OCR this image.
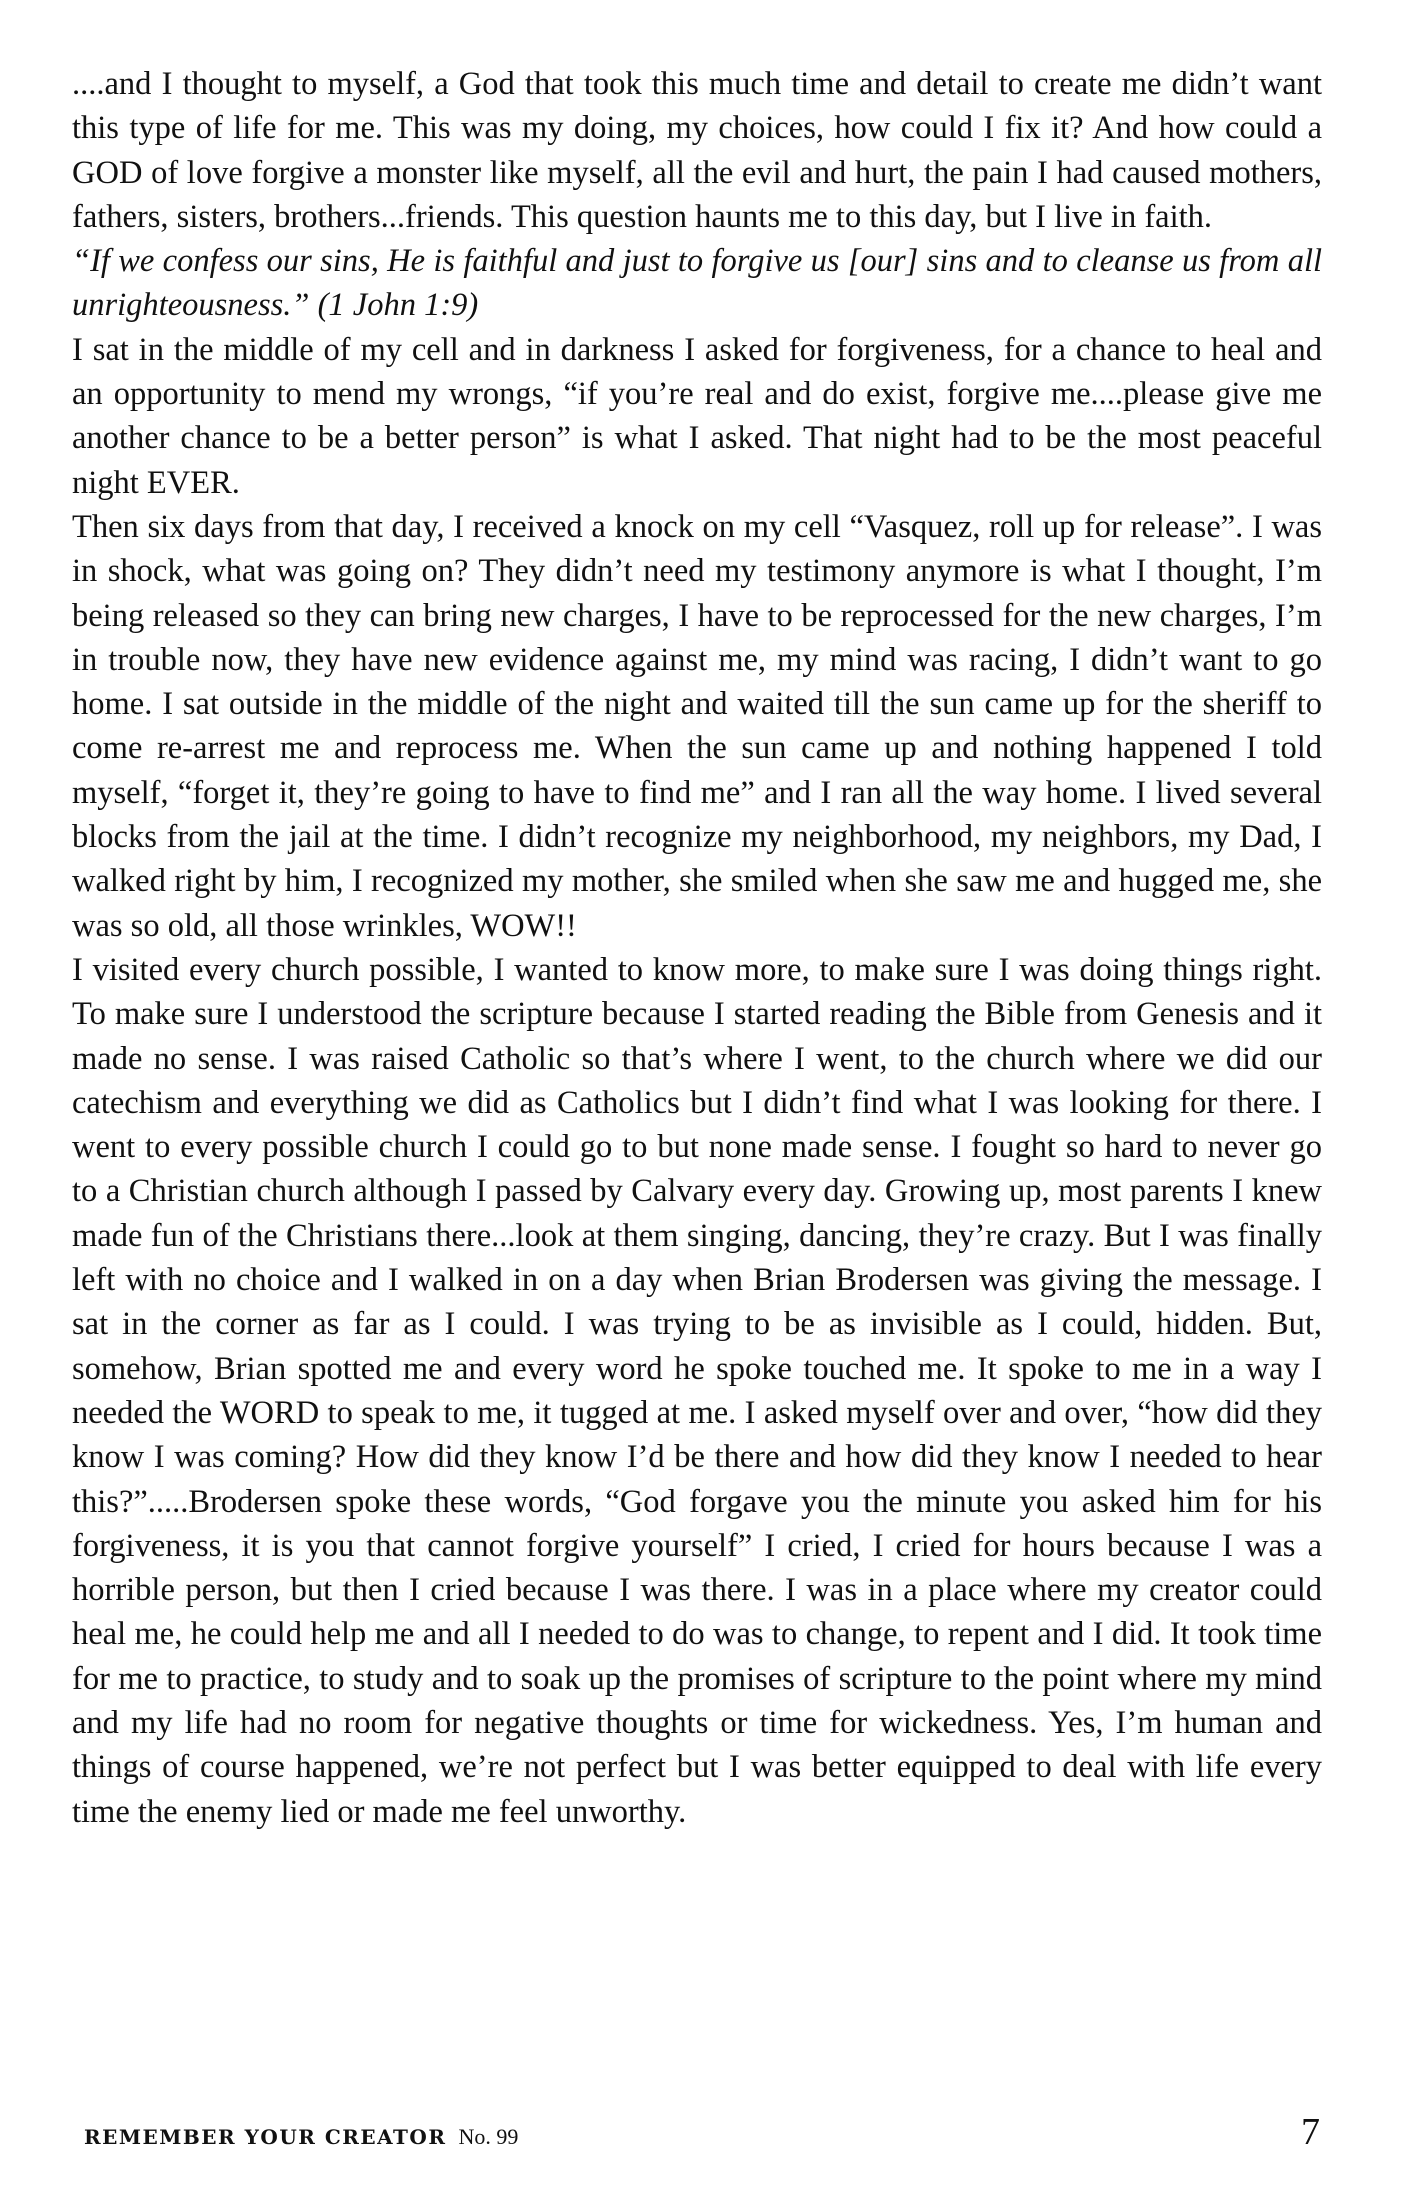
....and I thought to myself, a God that took this much time and detail to create me didn’t want this type of life for me. This was my doing, my choices, how could I fix it? And how could a GOD of love forgive a monster like myself, all the evil and hurt, the pain I had caused mothers, fathers, sisters, brothers...friends. This question haunts me to this day, but I live in faith.

“If we confess our sins, He is faithful and just to forgive us [our] sins and to cleanse us from all unrighteousness.” (1 John 1:9)

I sat in the middle of my cell and in darkness I asked for forgiveness, for a chance to heal and an opportunity to mend my wrongs, “if you’re real and do exist, forgive me....please give me another chance to be a better person” is what I asked. That night had to be the most peaceful night EVER.

Then six days from that day, I received a knock on my cell “Vasquez, roll up for release”. I was in shock, what was going on? They didn’t need my testimony anymore is what I thought, I’m being released so they can bring new charges, I have to be reprocessed for the new charges, I’m in trouble now, they have new evidence against me, my mind was racing, I didn’t want to go home. I sat outside in the middle of the night and waited till the sun came up for the sheriff to come re-arrest me and reprocess me. When the sun came up and nothing happened I told myself, “forget it, they’re going to have to find me” and I ran all the way home. I lived several blocks from the jail at the time. I didn’t recognize my neighborhood, my neighbors, my Dad, I walked right by him, I recognized my mother, she smiled when she saw me and hugged me, she was so old, all those wrinkles, WOW!!

I visited every church possible, I wanted to know more, to make sure I was doing things right. To make sure I understood the scripture because I started reading the Bible from Genesis and it made no sense. I was raised Catholic so that’s where I went, to the church where we did our catechism and everything we did as Catholics but I didn’t find what I was looking for there. I went to every possible church I could go to but none made sense. I fought so hard to never go to a Christian church although I passed by Calvary every day. Growing up, most parents I knew made fun of the Christians there...look at them singing, dancing, they’re crazy. But I was finally left with no choice and I walked in on a day when Brian Brodersen was giving the message. I sat in the corner as far as I could. I was trying to be as invisible as I could, hidden. But, somehow, Brian spotted me and every word he spoke touched me. It spoke to me in a way I needed the WORD to speak to me, it tugged at me. I asked myself over and over, “how did they know I was coming? How did they know I’d be there and how did they know I needed to hear this?”.....Brodersen spoke these words, “God forgave you the minute you asked him for his forgiveness, it is you that cannot forgive yourself” I cried, I cried for hours because I was a horrible person, but then I cried because I was there. I was in a place where my creator could heal me, he could help me and all I needed to do was to change, to repent and I did. It took time for me to practice, to study and to soak up the promises of scripture to the point where my mind and my life had no room for negative thoughts or time for wickedness. Yes, I’m human and things of course happened, we’re not perfect but I was better equipped to deal with life every time the enemy lied or made me feel unworthy.

REMEMBER YOUR CREATOR No. 99	7
